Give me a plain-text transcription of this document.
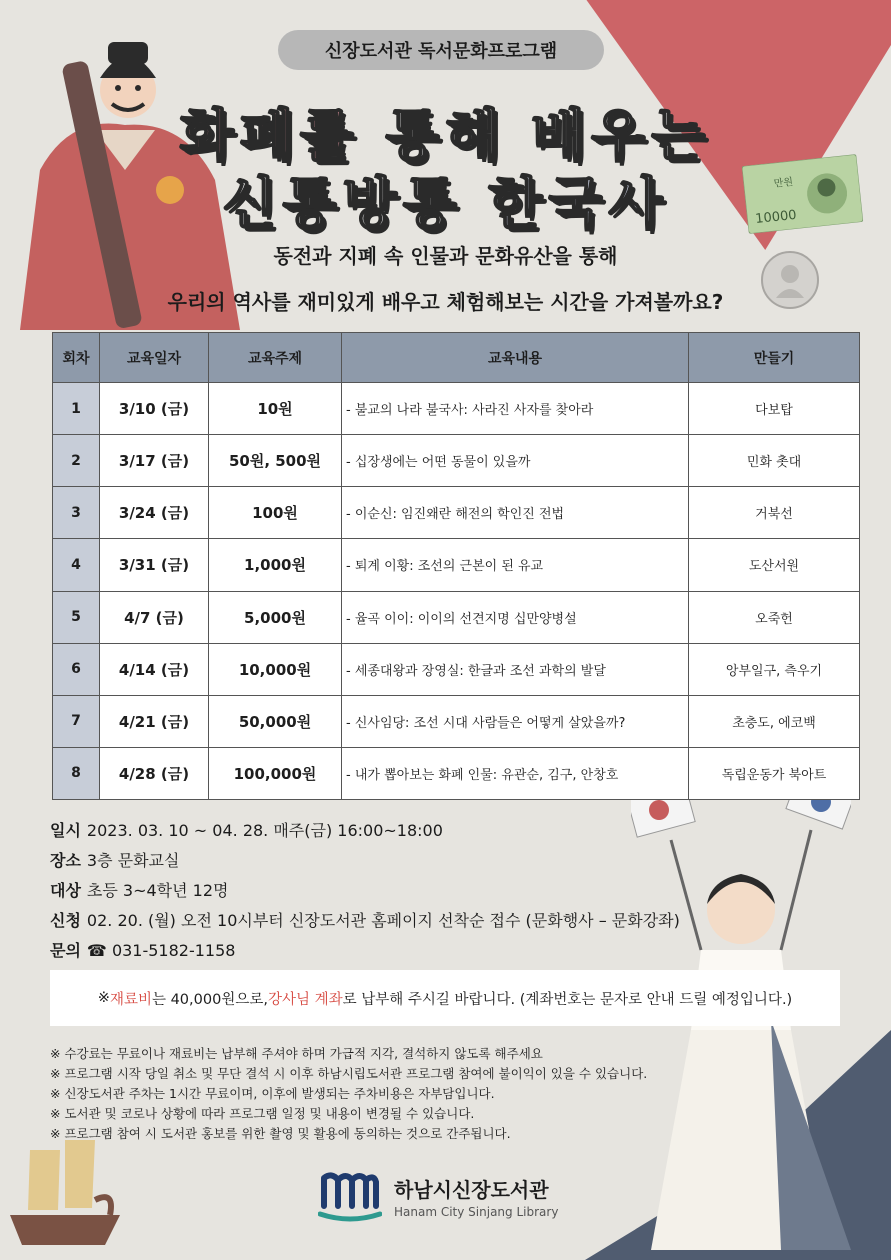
10000
만원
신장도서관 독서문화프로그램
화폐를 통해 배우는
신통방통 한국사
동전과 지폐 속 인물과 문화유산을 통해
우리의 역사를 재미있게 배우고 체험해보는 시간을 가져볼까요?
회차	교육일자	교육주제	교육내용	만들기
1	3/10 (금)	10원	- 불교의 나라 불국사: 사라진 사자를 찾아라	다보탑
2	3/17 (금)	50원, 500원	- 십장생에는 어떤 동물이 있을까	민화 촛대
3	3/24 (금)	100원	- 이순신: 임진왜란 해전의 학인진 전법	거북선
4	3/31 (금)	1,000원	- 퇴계 이황: 조선의 근본이 된 유교	도산서원
5	4/7 (금)	5,000원	- 율곡 이이: 이이의 선견지명 십만양병설	오죽헌
6	4/14 (금)	10,000원	- 세종대왕과 장영실: 한글과 조선 과학의 발달	앙부일구, 측우기
7	4/21 (금)	50,000원	- 신사임당: 조선 시대 사람들은 어떻게 살았을까?	초충도, 에코백
8	4/28 (금)	100,000원	- 내가 뽑아보는 화폐 인물: 유관순, 김구, 안창호	독립운동가 북아트
일시 2023. 03. 10 ~ 04. 28. 매주(금) 16:00~18:00
장소 3층 문화교실
대상 초등 3~4학년 12명
신청 02. 20. (월) 오전 10시부터 신장도서관 홈페이지 선착순 접수 (문화행사 – 문화강좌)
문의 ☎ 031-5182-1158
※ 재료비 는 40,000원으로, 강사님 계좌 로 납부해 주시길 바랍니다. (계좌번호는 문자로 안내 드릴 예정입니다.)
※ 수강료는 무료이나 재료비는 납부해 주셔야 하며 가급적 지각, 결석하지 않도록 해주세요
※ 프로그램 시작 당일 취소 및 무단 결석 시 이후 하남시립도서관 프로그램 참여에 불이익이 있을 수 있습니다.
※ 신장도서관 주차는 1시간 무료이며, 이후에 발생되는 주차비용은 자부담입니다.
※ 도서관 및 코로나 상황에 따라 프로그램 일정 및 내용이 변경될 수 있습니다.
※ 프로그램 참여 시 도서관 홍보를 위한 촬영 및 활용에 동의하는 것으로 간주됩니다.
하남시신장도서관
Hanam City Sinjang Library
